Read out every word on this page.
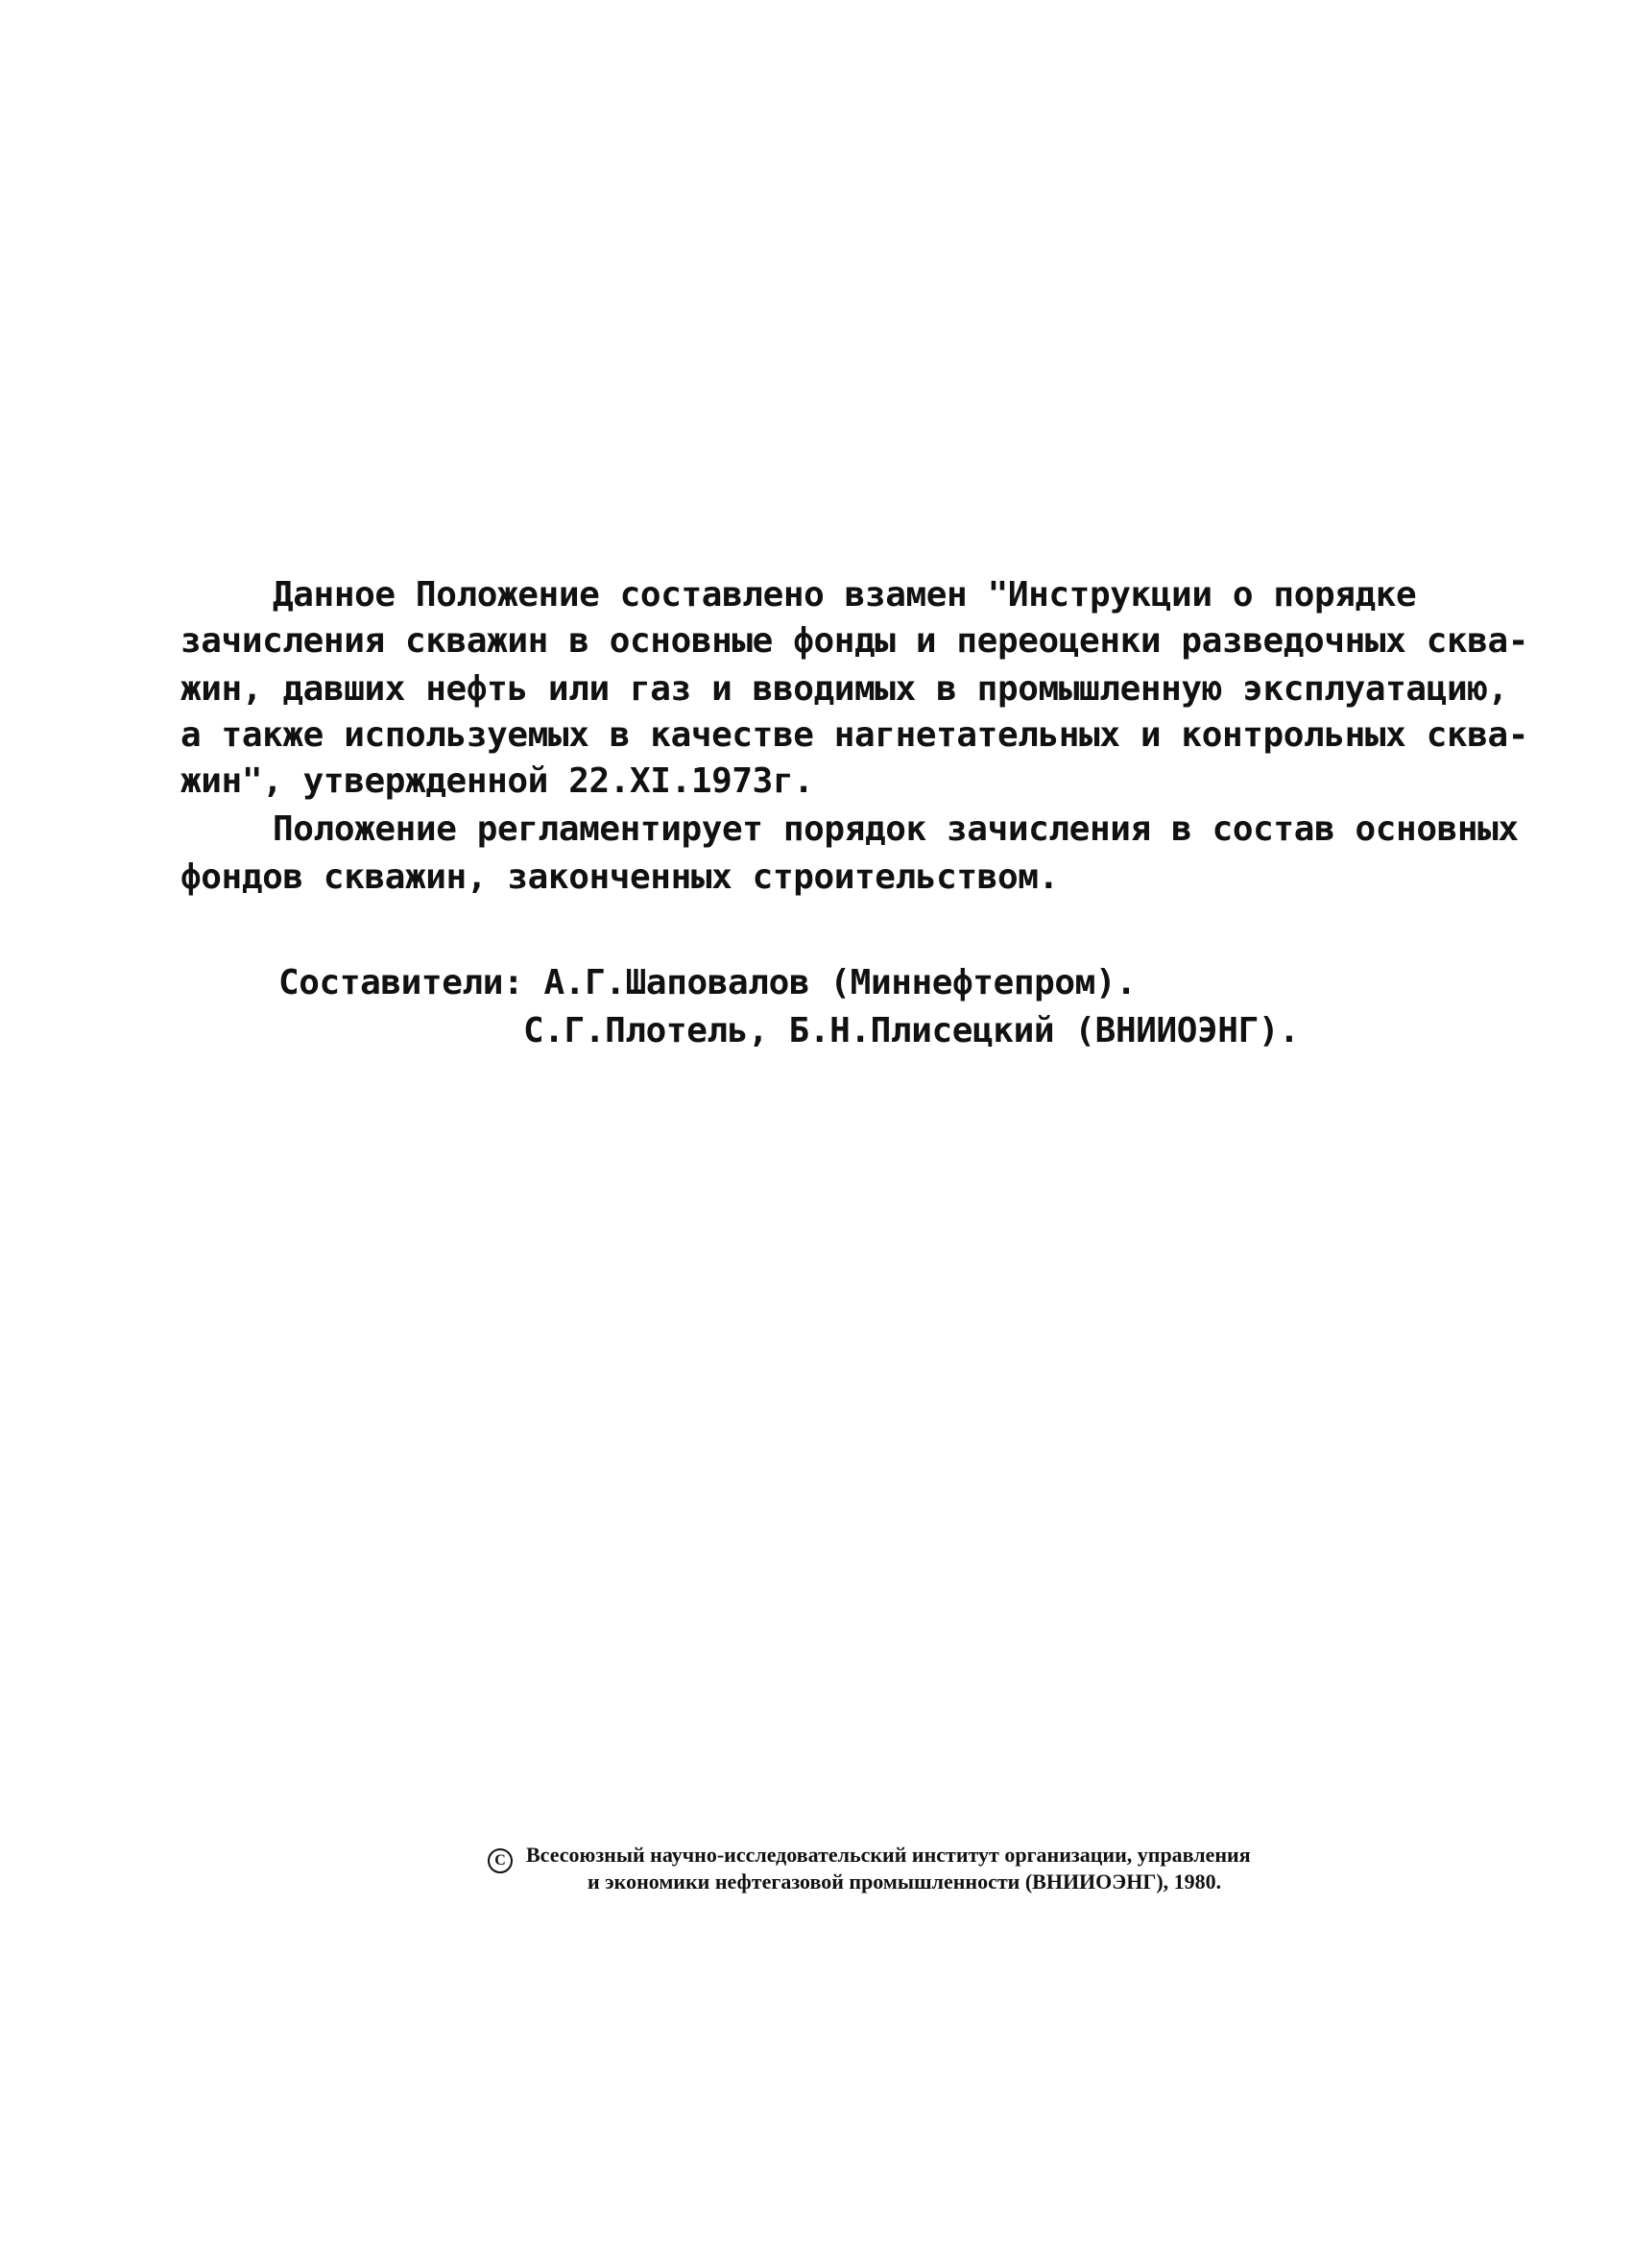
Данное Положение составлено взамен "Инструкции о порядке
зачисления скважин в основные фонды и переоценки разведочных сква-
жин, давших нефть или газ и вводимых в промышленную эксплуатацию,
а также используемых в качестве нагнетательных и контрольных сква-
жин", утвержденной 22.XI.1973г.
Положение регламентирует порядок зачисления в состав основных
фондов скважин, законченных строительством.
Составители: А.Г.Шаповалов (Миннефтепром).
С.Г.Плотель, Б.Н.Плисецкий (ВНИИОЭНГ).
C Всесоюзный научно-исследовательский институт организации, управления
и экономики нефтегазовой промышленности (ВНИИОЭНГ), 1980.
